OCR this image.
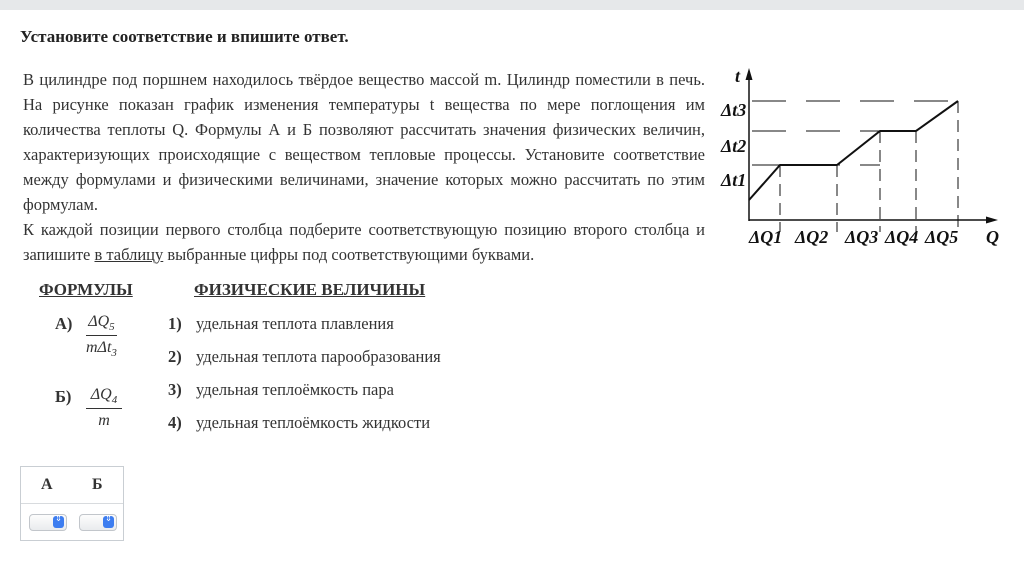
Установите соответствие и впишите ответ.

В цилиндре под поршнем находилось твёрдое вещество массой m. Цилиндр поместили в печь. На рисунке показан график изменения температуры t вещества по мере поглощения им количества теплоты Q. Формулы А и Б позволяют рассчитать значения физических величин, характеризующих происходящие с веществом тепловые процессы. Установите соответствие между формулами и физическими величинами, значение которых можно рассчитать по этим формулам.

К каждой позиции первого столбца подберите соответствующую позицию второго столбца и запишите в таблицу выбранные цифры под соответствующими буквами.

t
Q
Δt3
Δt2
Δt1
ΔQ1 ΔQ2 ΔQ3 ΔQ4 ΔQ5
ФОРМУЛЫ	ФИЗИЧЕСКИЕ ВЕЛИЧИНЫ
А) $\Delta Q_5$
mΔt$_3$
$Б) \frac{\Delta Q_4}{m}$
1) удельная теплота плавления
2) удельная теплота парообразования
3) удельная теплоёмкость пара
4) удельная теплоёмкость жидкости
А Б
⇕	⇕
